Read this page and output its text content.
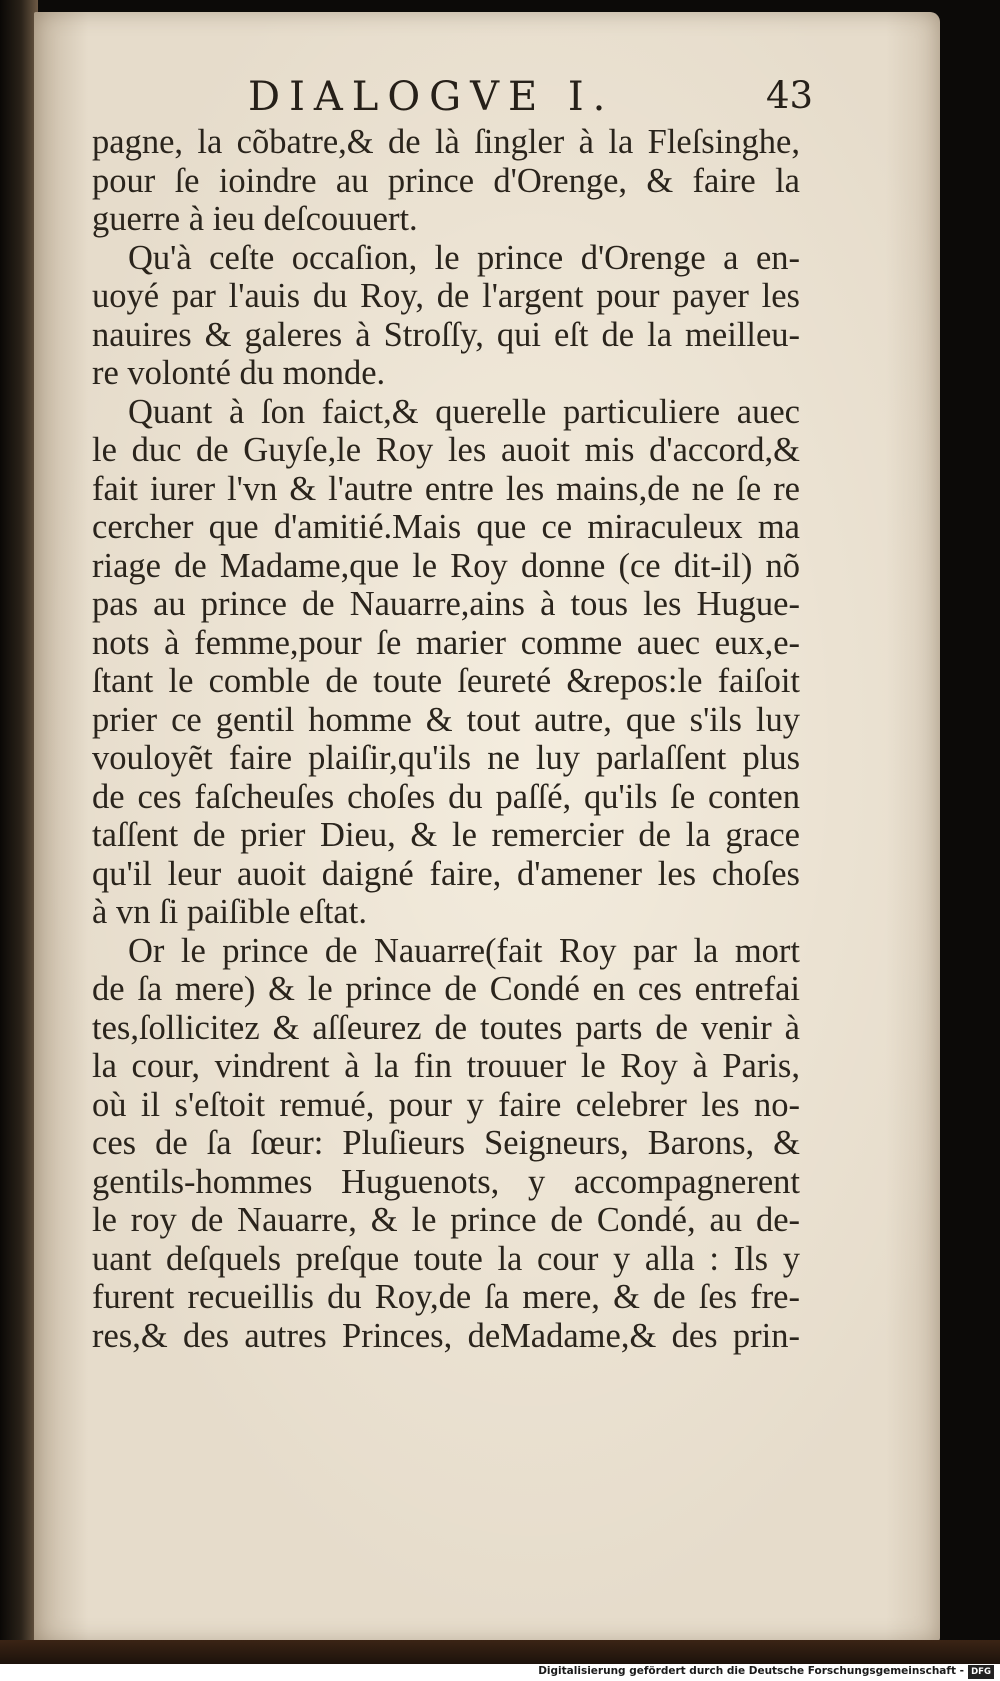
DIALOGVE I.	43
pagne, la cõbatre,& de là ſingler à la Fleſsinghe,
pour ſe ioindre au prince d'Orenge, & faire la
guerre à ieu deſcouuert.
Qu'à ceſte occaſion, le prince d'Orenge a en-
uoyé par l'auis du Roy, de l'argent pour payer les
nauires & galeres à Stroſſy, qui eſt de la meilleu-
re volonté du monde.
Quant à ſon faict,& querelle particuliere auec
le duc de Guyſe,le Roy les auoit mis d'accord,&
fait iurer l'vn & l'autre entre les mains,de ne ſe re
cercher que d'amitié.Mais que ce miraculeux ma
riage de Madame,que le Roy donne (ce dit-il) nõ
pas au prince de Nauarre,ains à tous les Hugue-
nots à femme,pour ſe marier comme auec eux,e-
ſtant le comble de toute ſeureté &repos:le faiſoit
prier ce gentil homme & tout autre, que s'ils luy
vouloyẽt faire plaiſir,qu'ils ne luy parlaſſent plus
de ces faſcheuſes choſes du paſſé, qu'ils ſe conten
taſſent de prier Dieu, & le remercier de la grace
qu'il leur auoit daigné faire, d'amener les choſes
à vn ſi paiſible eſtat.
Or le prince de Nauarre(fait Roy par la mort
de ſa mere) & le prince de Condé en ces entrefai
tes,ſollicitez & aſſeurez de toutes parts de venir à
la cour, vindrent à la fin trouuer le Roy à Paris,
où il s'eſtoit remué, pour y faire celebrer les no-
ces de ſa ſœur: Pluſieurs Seigneurs, Barons, &
gentils-hommes Huguenots, y accompagnerent
le roy de Nauarre, & le prince de Condé, au de-
uant deſquels preſque toute la cour y alla : Ils y
furent recueillis du Roy,de ſa mere, & de ſes fre-
res,& des autres Princes, deMadame,& des prin-
Digitalisierung gefördert durch die Deutsche Forschungsgemeinschaft - DFG
